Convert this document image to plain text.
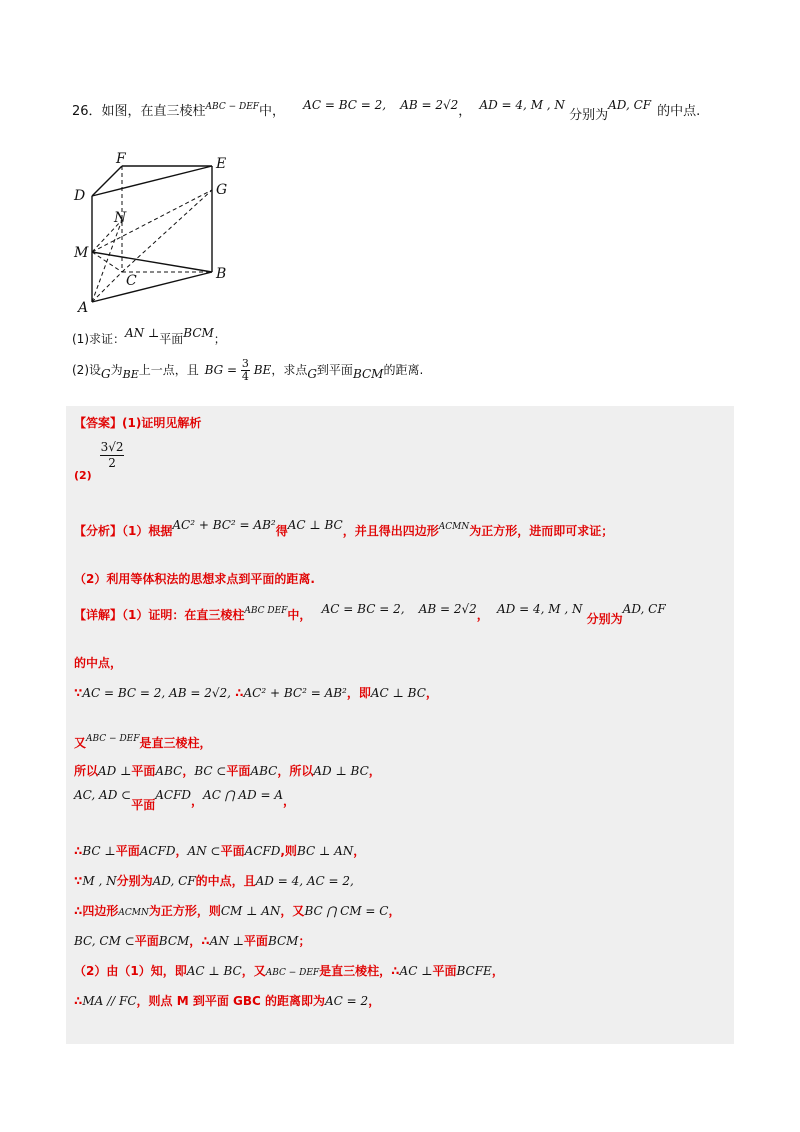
26．如图，在直三棱柱$^{ABC - DEF}$中， AC = BC = 2, AB = 2√2， AD = 4, M , N 分别为AD, CF 的中点.
F	E
D	G
N
M
C	B
A
(1)求证：AN ⊥平面BCM；
(2)设G为BE上一点，且 BG = $\frac{3}{4}$ BE，求点G到平面BCM的距离.
【答案】(1)证明见解析
(2)
$\frac{3√2}{2}$
【分析】（1）根据AC² + BC² = AB²得AC ⊥ BC，并且得出四边形$^{ACMN}$为正方形，进而即可求证；
（2）利用等体积法的思想求点到平面的距离.
【详解】（1）证明：在直三棱柱$^{ABC DEF}$中， AC = BC = 2, AB = 2√2， AD = 4, M , N 分别为AD, CF
的中点，
∵AC = BC = 2, AB = 2√2, ∴AC² + BC² = AB²，即AC ⊥ BC，
又$^{ABC - DEF}$是直三棱柱，
所以AD ⊥平面ABC，BC ⊂平面ABC，所以AD ⊥ BC，
AC, AD ⊂平面ACFD，AC ⋂ AD = A，
∴BC ⊥平面ACFD，AN ⊂平面ACFD,则BC ⊥ AN，
∵M , N分别为AD, CF的中点，且AD = 4, AC = 2,
∴四边形ACMN为正方形，则CM ⊥ AN，又BC ⋂ CM = C，
BC, CM ⊂平面BCM，∴AN ⊥平面BCM；
（2）由（1）知，即AC ⊥ BC，又ABC − DEF是直三棱柱，∴AC ⊥平面BCFE，
∴MA // FC，则点 M 到平面 GBC 的距离即为AC = 2，
